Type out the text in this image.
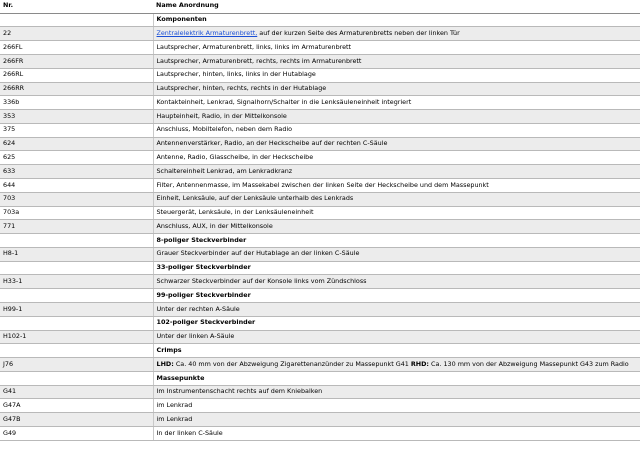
Nr.	Name Anordnung
	Komponenten
22	Zentralelektrik Armaturenbrett, auf der kurzen Seite des Armaturenbretts neben der linken Tür
266FL	Lautsprecher, Armaturenbrett, links, links im Armaturenbrett
266FR	Lautsprecher, Armaturenbrett, rechts, rechts im Armaturenbrett
266RL	Lautsprecher, hinten, links, links in der Hutablage
266RR	Lautsprecher, hinten, rechts, rechts in der Hutablage
336b	Kontakteinheit, Lenkrad, Signalhorn/Schalter in die Lenksäuleneinheit integriert
353	Haupteinheit, Radio, in der Mittelkonsole
375	Anschluss, Mobiltelefon, neben dem Radio
624	Antennenverstärker, Radio, an der Heckscheibe auf der rechten C-Säule
625	Antenne, Radio, Glasscheibe, in der Heckscheibe
633	Schaltereinheit Lenkrad, am Lenkradkranz
644	Filter, Antennenmasse, im Massekabel zwischen der linken Seite der Heckscheibe und dem Massepunkt
703	Einheit, Lenksäule, auf der Lenksäule unterhalb des Lenkrads
703a	Steuergerät, Lenksäule, in der Lenksäuleneinheit
771	Anschluss, AUX, in der Mittelkonsole
	8-poliger Steckverbinder
H8-1	Grauer Steckverbinder auf der Hutablage an der linken C-Säule
	33-poliger Steckverbinder
H33-1	Schwarzer Steckverbinder auf der Konsole links vom Zündschloss
	99-poliger Steckverbinder
H99-1	Unter der rechten A-Säule
	102-poliger Steckverbinder
H102-1	Unter der linken A-Säule
	Crimps
J76	LHD: Ca. 40 mm von der Abzweigung Zigarettenanzünder zu Massepunkt G41 RHD: Ca. 130 mm von der Abzweigung Massepunkt G43 zum Radio
	Massepunkte
G41	Im Instrumentenschacht rechts auf dem Kniebalken
G47A	im Lenkrad
G47B	im Lenkrad
G49	In der linken C-Säule
